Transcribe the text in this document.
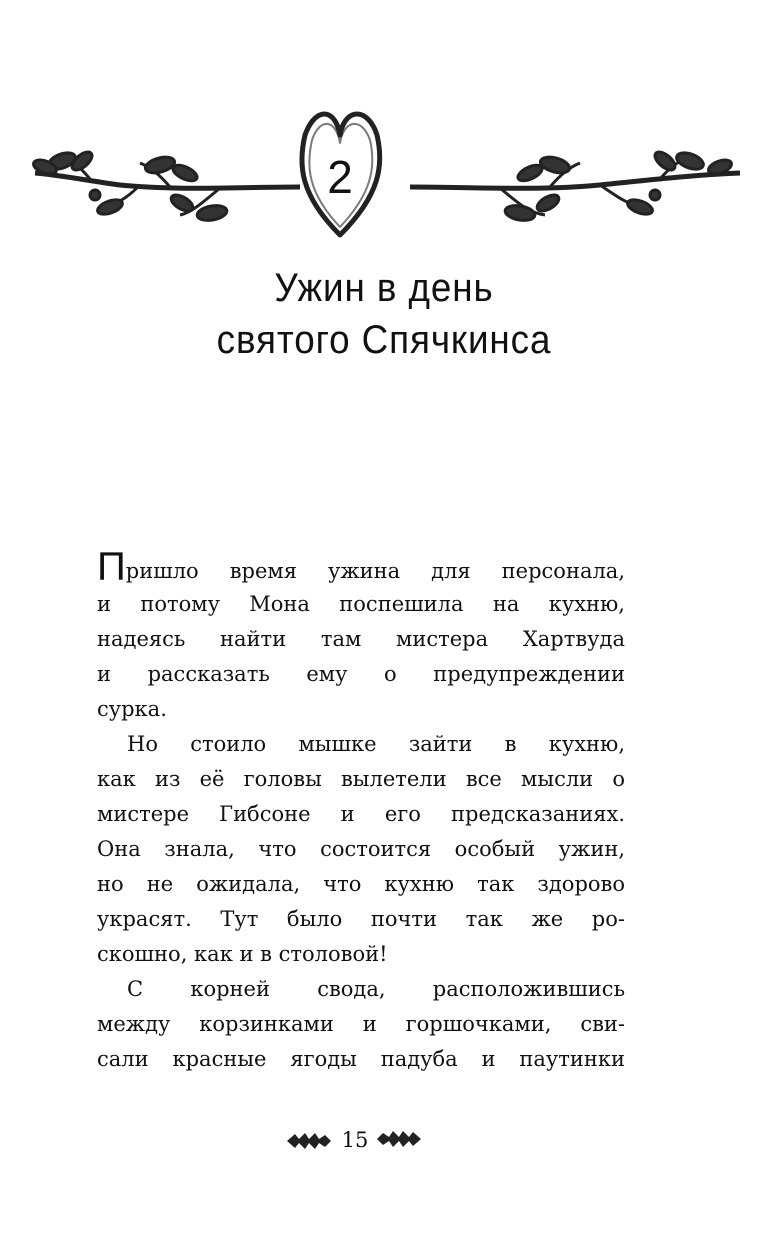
2
Ужин в день
святого Спячкинса
Пришло время ужина для персонала,
и потому Мона поспешила на кухню,
надеясь найти там мистера Хартвуда
и рассказать ему о предупреждении
сурка.
Но стоило мышке зайти в кухню,
как из её головы вылетели все мысли о
мистере Гибсоне и его предсказаниях.
Она знала, что состоится особый ужин,
но не ожидала, что кухню так здорово
украсят. Тут было почти так же ро-
скошно, как и в столовой!
С корней свода, расположившись
между корзинками и горшочками, сви-
сали красные ягоды падуба и паутинки
15
